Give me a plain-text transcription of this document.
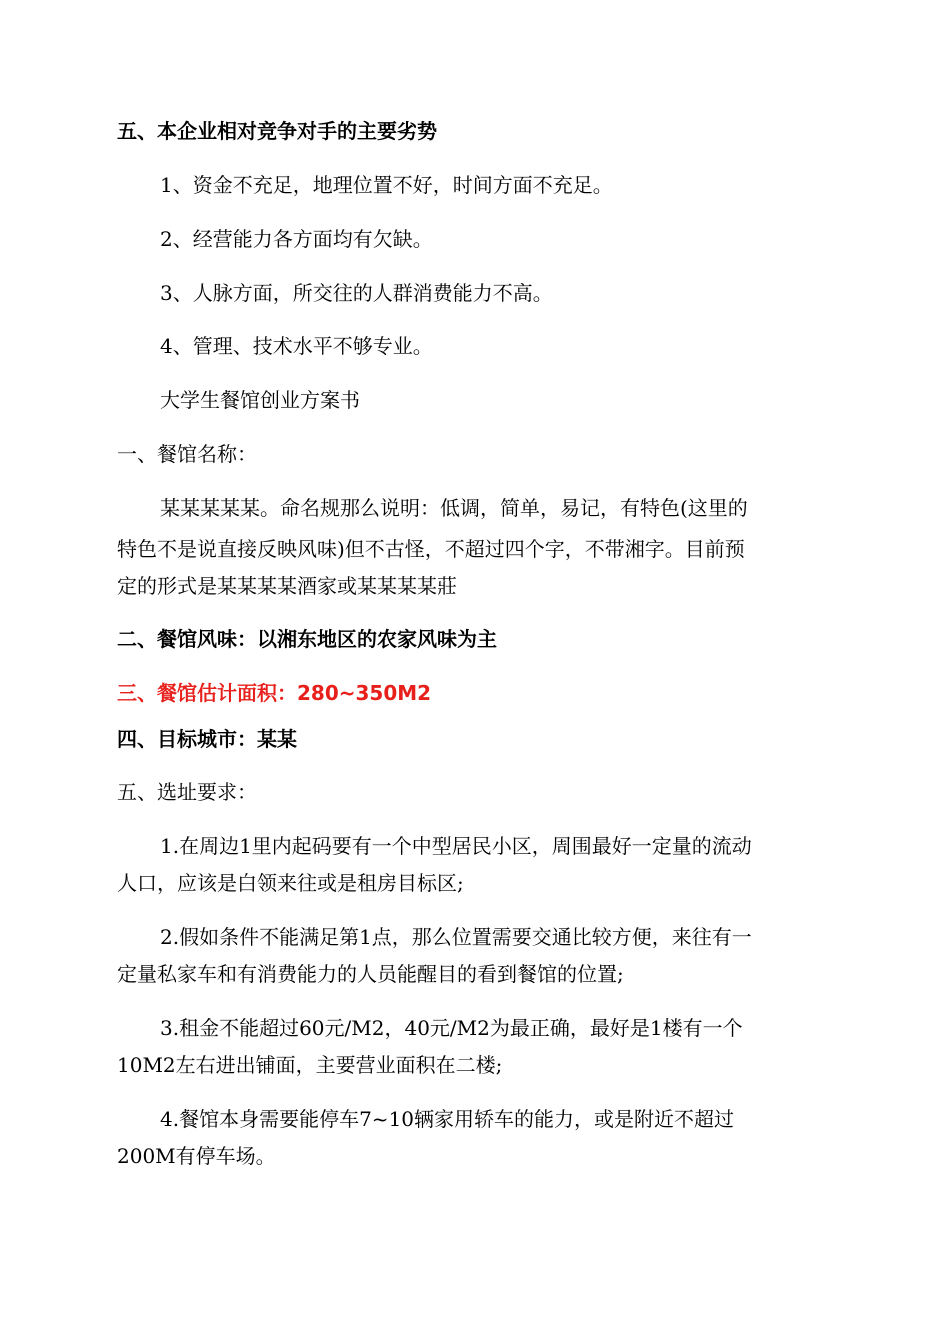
五、本企业相对竞争对手的主要劣势
1、资金不充足，地理位置不好，时间方面不充足。
2、经营能力各方面均有欠缺。
3、人脉方面，所交往的人群消费能力不高。
4、管理、技术水平不够专业。
大学生餐馆创业方案书
一、餐馆名称：
某某某某某。命名规那么说明：低调，简单，易记，有特色(这里的
特色不是说直接反映风味)但不古怪，不超过四个字，不带湘字。目前预
定的形式是某某某某酒家或某某某某莊
二、餐馆风味：以湘东地区的农家风味为主
三、餐馆估计面积：280~350M2
四、目标城市：某某
五、选址要求：
1.在周边1里内起码要有一个中型居民小区，周围最好一定量的流动
人口，应该是白领来往或是租房目标区;
2.假如条件不能满足第1点，那么位置需要交通比较方便，来往有一
定量私家车和有消费能力的人员能醒目的看到餐馆的位置;
3.租金不能超过60元/M2，40元/M2为最正确，最好是1楼有一个
10M2左右进出铺面，主要营业面积在二楼;
4.餐馆本身需要能停车7~10辆家用轿车的能力，或是附近不超过
200M有停车场。
